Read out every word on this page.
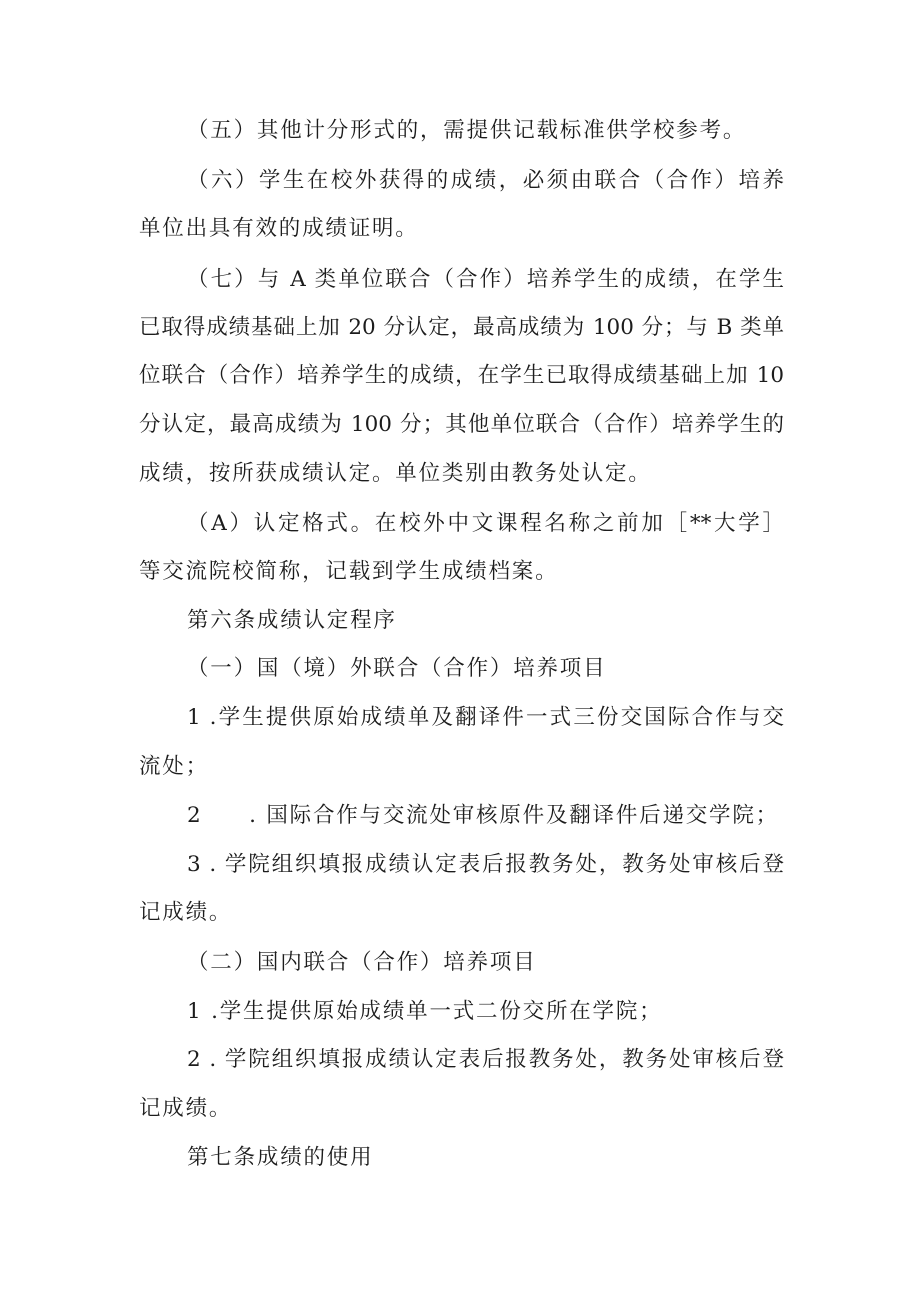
（五）其他计分形式的，需提供记载标准供学校参考。
（六）学生在校外获得的成绩，必须由联合（合作）培养
单位出具有效的成绩证明。
（七）与 A 类单位联合（合作）培养学生的成绩，在学生
已取得成绩基础上加 20 分认定，最高成绩为 100 分；与 B 类单
位联合（合作）培养学生的成绩，在学生已取得成绩基础上加 10
分认定，最高成绩为 100 分；其他单位联合（合作）培养学生的
成绩，按所获成绩认定。单位类别由教务处认定。
（A）认定格式。在校外中文课程名称之前加［**大学］
等交流院校简称，记载到学生成绩档案。
第六条成绩认定程序
（一）国（境）外联合（合作）培养项目
1 .学生提供原始成绩单及翻译件一式三份交国际合作与交
流处；
2　　. 国际合作与交流处审核原件及翻译件后递交学院；
3 . 学院组织填报成绩认定表后报教务处，教务处审核后登
记成绩。
（二）国内联合（合作）培养项目
1 .学生提供原始成绩单一式二份交所在学院；
2 . 学院组织填报成绩认定表后报教务处，教务处审核后登
记成绩。
第七条成绩的使用
